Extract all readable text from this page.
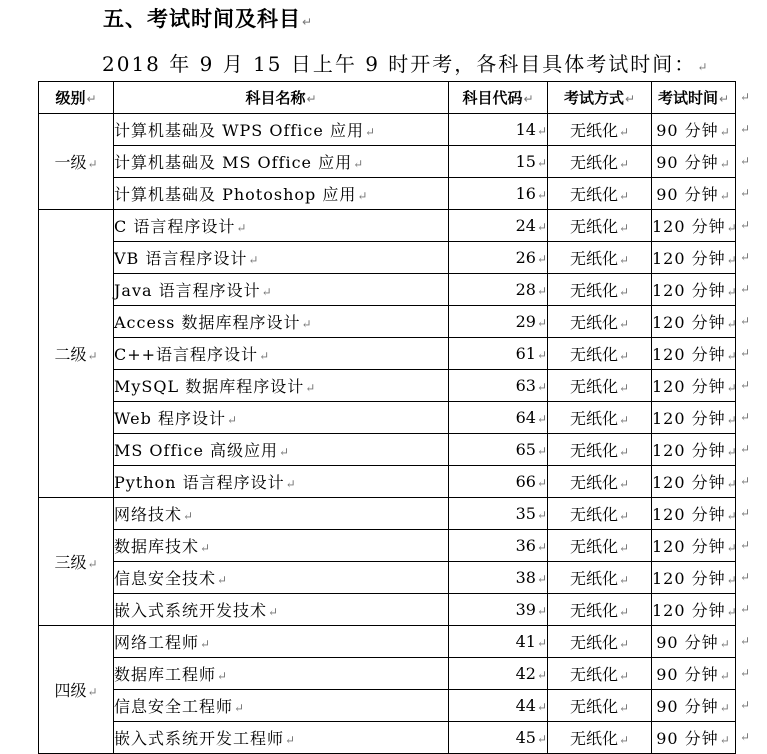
五、考试时间及科目↵
2018 年 9 月 15 日上午 9 时开考，各科目具体考试时间：↵
级别↵	科目名称↵	科目代码↵	考试方式↵	考试时间↵
一级↵	计算机基础及 WPS Office 应用↵	14↵	无纸化↵	90 分钟↵
	计算机基础及 MS Office 应用↵	15↵	无纸化↵	90 分钟↵
	计算机基础及 Photoshop 应用↵	16↵	无纸化↵	90 分钟↵
二级↵	C 语言程序设计↵	24↵	无纸化↵	120 分钟↵
	VB 语言程序设计↵	26↵	无纸化↵	120 分钟↵
	Java 语言程序设计↵	28↵	无纸化↵	120 分钟↵
	Access 数据库程序设计↵	29↵	无纸化↵	120 分钟↵
	C++语言程序设计↵	61↵	无纸化↵	120 分钟↵
	MySQL 数据库程序设计↵	63↵	无纸化↵	120 分钟↵
	Web 程序设计↵	64↵	无纸化↵	120 分钟↵
	MS Office 高级应用↵	65↵	无纸化↵	120 分钟↵
	Python 语言程序设计↵	66↵	无纸化↵	120 分钟↵
三级↵	网络技术↵	35↵	无纸化↵	120 分钟↵
	数据库技术↵	36↵	无纸化↵	120 分钟↵
	信息安全技术↵	38↵	无纸化↵	120 分钟↵
	嵌入式系统开发技术↵	39↵	无纸化↵	120 分钟↵
四级↵	网络工程师↵	41↵	无纸化↵	90 分钟↵
	数据库工程师↵	42↵	无纸化↵	90 分钟↵
	信息安全工程师↵	44↵	无纸化↵	90 分钟↵
	嵌入式系统开发工程师↵	45↵	无纸化↵	90 分钟↵
↵
↵
↵
↵
↵
↵
↵
↵
↵
↵
↵
↵
↵
↵
↵
↵
↵
↵
↵
↵
↵
